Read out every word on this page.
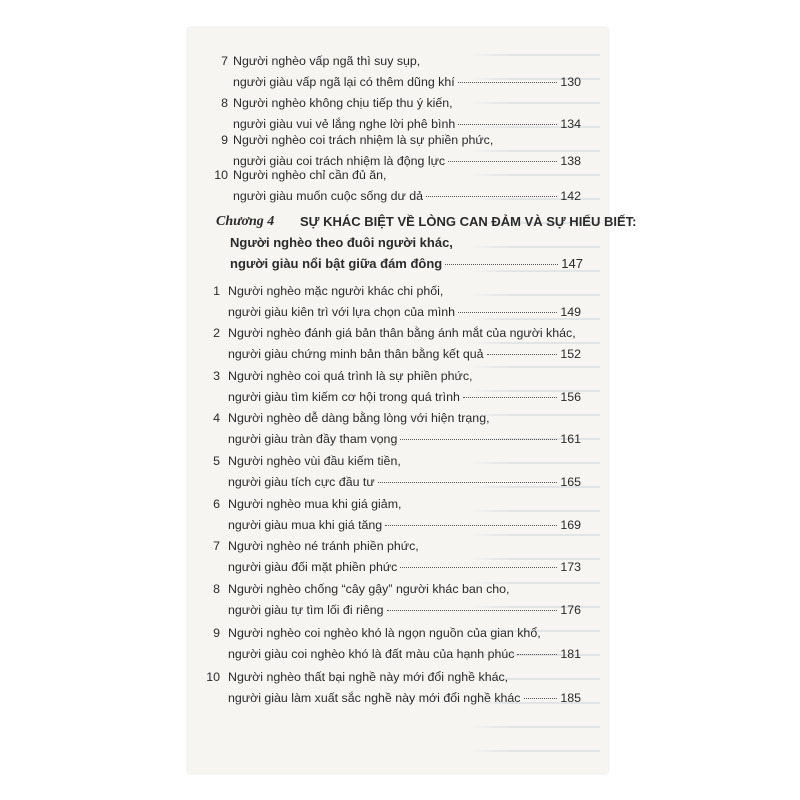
7 Người nghèo vấp ngã thì suy sụp,
người giàu vấp ngã lại có thêm dũng khí	130
8 Người nghèo không chịu tiếp thu ý kiến,
người giàu vui vẻ lắng nghe lời phê bình	134
9 Người nghèo coi trách nhiệm là sự phiền phức,
người giàu coi trách nhiệm là động lực	138
10 Người nghèo chỉ cần đủ ăn,
người giàu muốn cuộc sống dư dả	142
Chương 4 SỰ KHÁC BIỆT VỀ LÒNG CAN ĐẢM VÀ SỰ HIỂU BIẾT:
Người nghèo theo đuôi người khác,
người giàu nổi bật giữa đám đông	147
1 Người nghèo mặc người khác chi phối,
người giàu kiên trì với lựa chọn của mình	149
2 Người nghèo đánh giá bản thân bằng ánh mắt của người khác,
người giàu chứng minh bản thân bằng kết quả	152
3 Người nghèo coi quá trình là sự phiền phức,
người giàu tìm kiếm cơ hội trong quá trình	156
4 Người nghèo dễ dàng bằng lòng với hiện trạng,
người giàu tràn đầy tham vọng	161
5 Người nghèo vùi đầu kiếm tiền,
người giàu tích cực đầu tư	165
6 Người nghèo mua khi giá giảm,
người giàu mua khi giá tăng	169
7 Người nghèo né tránh phiền phức,
người giàu đối mặt phiền phức	173
8 Người nghèo chống “cây gậy” người khác ban cho,
người giàu tự tìm lối đi riêng	176
9 Người nghèo coi nghèo khó là ngọn nguồn của gian khổ,
người giàu coi nghèo khó là đất màu của hạnh phúc	181
10 Người nghèo thất bại nghề này mới đổi nghề khác,
người giàu làm xuất sắc nghề này mới đổi nghề khác	185
